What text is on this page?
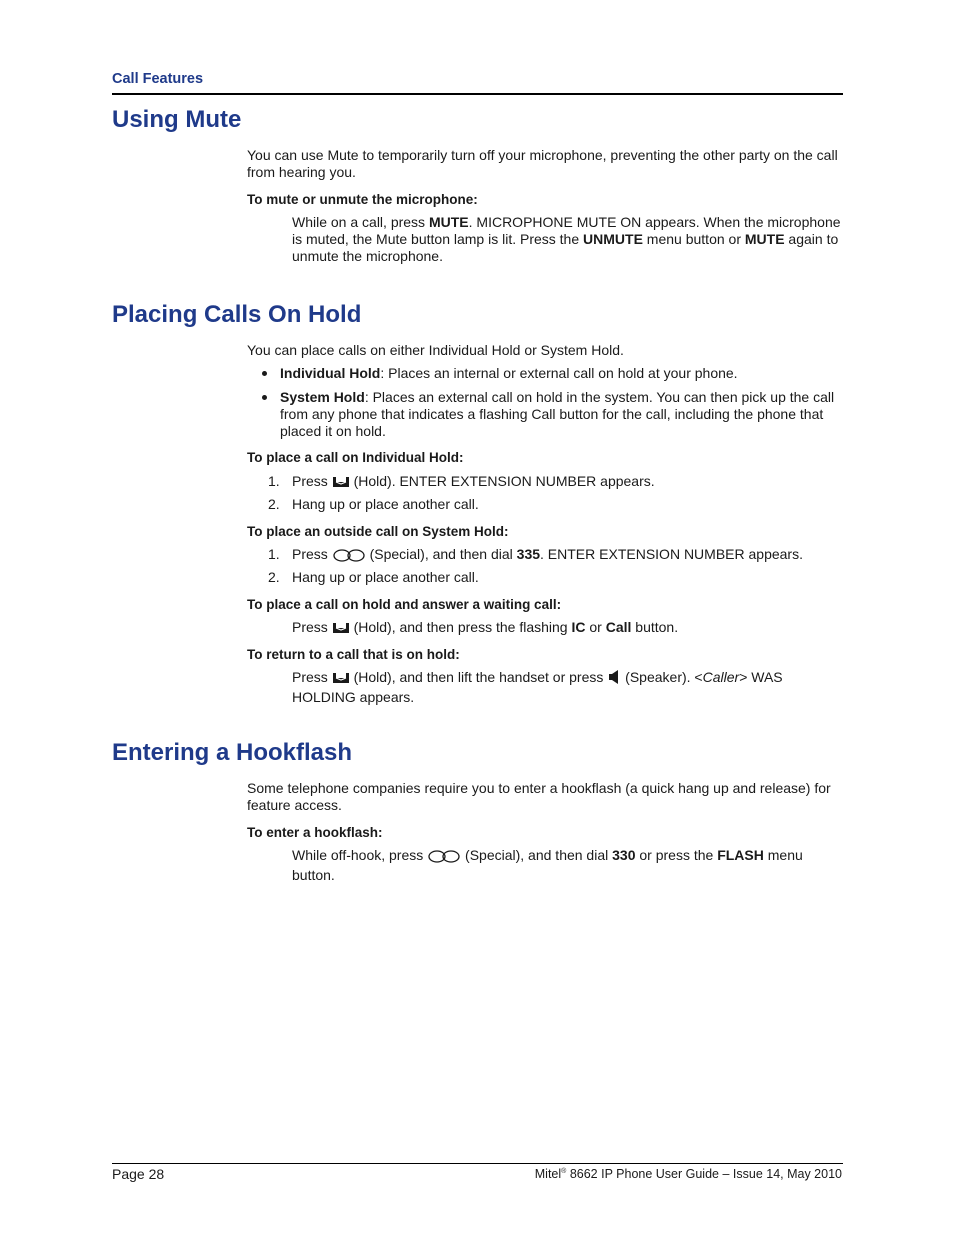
Call Features
Using Mute
You can use Mute to temporarily turn off your microphone, preventing the other party on the call from hearing you.
To mute or unmute the microphone:
While on a call, press MUTE. MICROPHONE MUTE ON appears. When the microphone is muted, the Mute button lamp is lit. Press the UNMUTE menu button or MUTE again to unmute the microphone.
Placing Calls On Hold
You can place calls on either Individual Hold or System Hold.
Individual Hold: Places an internal or external call on hold at your phone.
System Hold: Places an external call on hold in the system. You can then pick up the call from any phone that indicates a flashing Call button for the call, including the phone that placed it on hold.
To place a call on Individual Hold:
1. Press  (Hold). ENTER EXTENSION NUMBER appears.
2. Hang up or place another call.
To place an outside call on System Hold:
1. Press  (Special), and then dial 335. ENTER EXTENSION NUMBER appears.
2. Hang up or place another call.
To place a call on hold and answer a waiting call:
Press  (Hold), and then press the flashing IC or Call button.
To return to a call that is on hold:
Press  (Hold), and then lift the handset or press  (Speaker). <Caller> WAS HOLDING appears.
Entering a Hookflash
Some telephone companies require you to enter a hookflash (a quick hang up and release) for feature access.
To enter a hookflash:
While off-hook, press  (Special), and then dial 330 or press the FLASH menu button.
Page 28	Mitel® 8662 IP Phone User Guide – Issue 14, May 2010
